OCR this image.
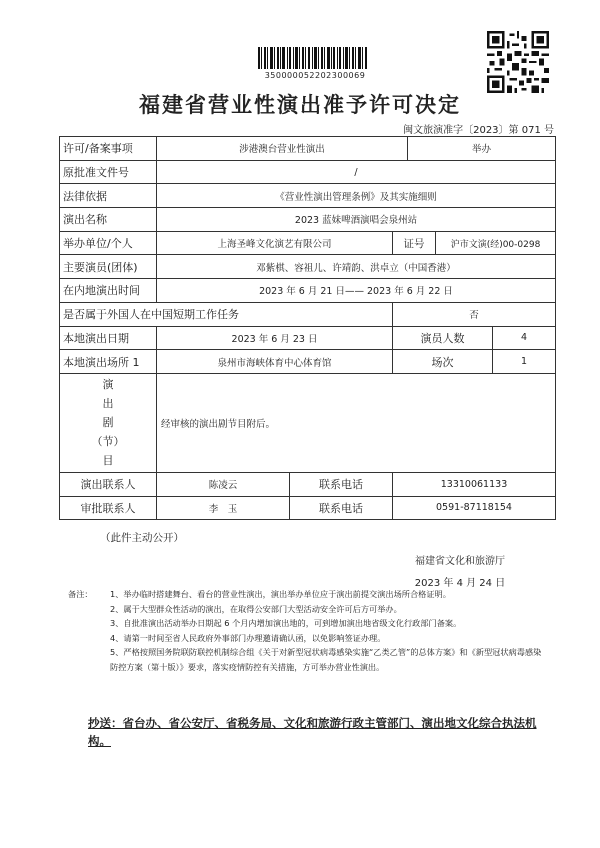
350000052202300069
福建省营业性演出准予许可决定
闽文旅演准字〔2023〕第 071 号
许可/备案事项	涉港澳台营业性演出			举办		
原批准文件号	/					
法律依据	《营业性演出管理条例》及其实施细则					
演出名称	2023 蓝妹啤酒演唱会泉州站					
举办单位/个人	上海圣峰文化演艺有限公司		证号		沪市文演(经)00-0298	
主要演员(团体)	邓紫棋、容祖儿、许靖韵、洪卓立（中国香港）					
在内地演出时间	2023 年 6 月 21 日—— 2023 年 6 月 22 日					
是否属于外国人在中国短期工作任务			否			
本地演出日期	2023 年 6 月 23 日		演员人数			4
本地演出场所 1	泉州市海峡体育中心体育馆		场次			1

演
出
剧
（节）
目	经审核的演出剧节目附后。					
演出联系人	陈凌云	联系电话	13310061133			
审批联系人	李　玉	联系电话	0591-87118154			
（此件主动公开）
福建省文化和旅游厅
2023 年 4 月 24 日
备注： 1、举办临时搭建舞台、看台的营业性演出，演出举办单位应于演出前提交演出场所合格证明。
2、属于大型群众性活动的演出，在取得公安部门大型活动安全许可后方可举办。
3、自批准演出活动举办日期起 6 个月内增加演出地的，可到增加演出地省级文化行政部门备案。
4、请第一时间至省人民政府外事部门办理邀请确认函，以免影响签证办理。
5、严格按照国务院联防联控机制综合组《关于对新型冠状病毒感染实施“乙类乙管”的总体方案》和《新型冠状病毒感染防控方案（第十版）》要求，落实疫情防控有关措施，方可举办营业性演出。
抄送：省台办、省公安厅、省税务局、文化和旅游行政主管部门、演出地文化综合执法机构。
